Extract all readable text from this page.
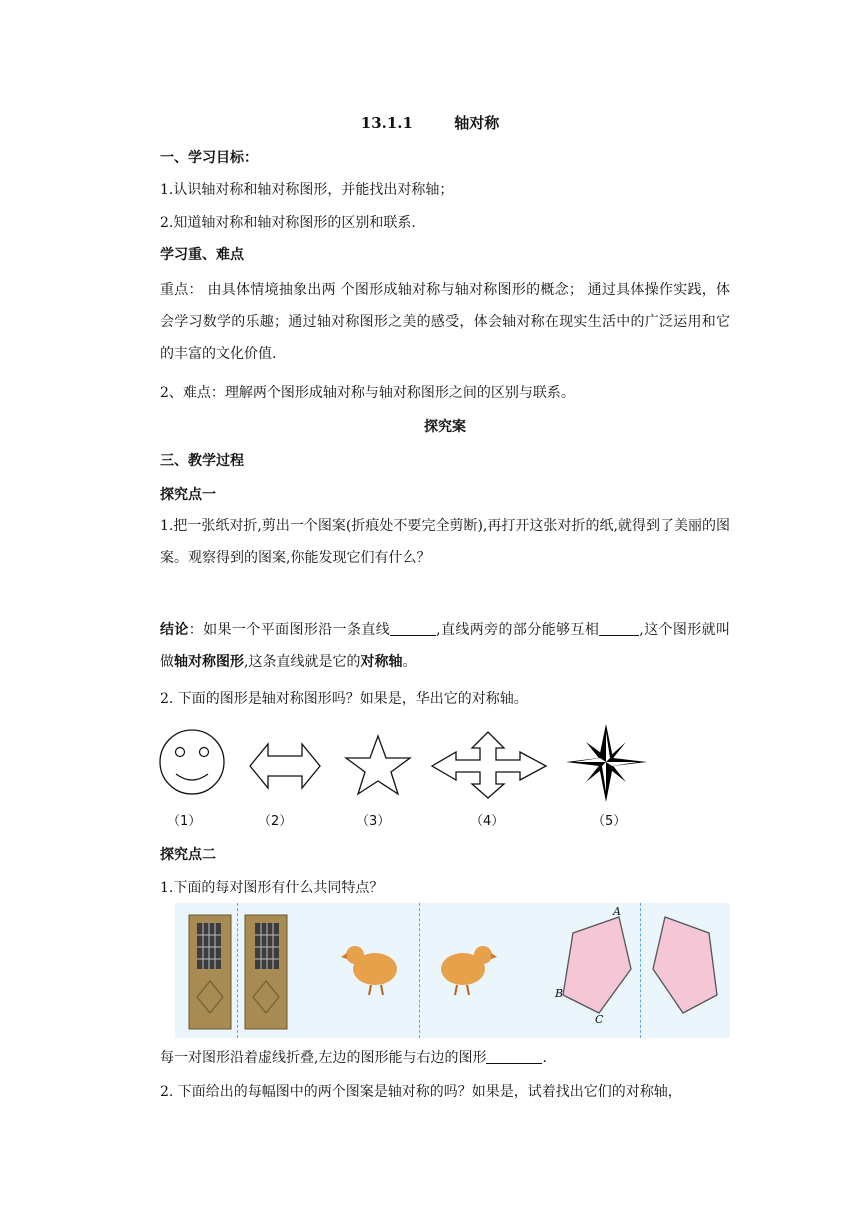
13.1.1	轴对称
一、学习目标：
1.认识轴对称和轴对称图形，并能找出对称轴；
2.知道轴对称和轴对称图形的区别和联系.
学习重、难点
重点： 由具体情境抽象出两 个图形成轴对称与轴对称图形的概念； 通过具体操作实践，体会学习数学的乐趣；通过轴对称图形之美的感受，体会轴对称在现实生活中的广泛运用和它的丰富的文化价值.
2、难点：理解两个图形成轴对称与轴对称图形之间的区别与联系。
探究案
三、教学过程
探究点一
1.把一张纸对折,剪出一个图案(折痕处不要完全剪断),再打开这张对折的纸,就得到了美丽的图案。观察得到的图案,你能发现它们有什么？
结论：如果一个平面图形沿一条直线	,直线两旁的部分能够互相	,这个图形就叫做轴对称图形,这条直线就是它的对称轴。
2. 下面的图形是轴对称图形吗？如果是，华出它的对称轴。
（1）	（2）	（3）	（4）	（5）
探究点二
1.下面的每对图形有什么共同特点？
A
B
C
每一对图形沿着虚线折叠,左边的图形能与右边的图形	.
2. 下面给出的每幅图中的两个图案是轴对称的吗？如果是，试着找出它们的对称轴，
